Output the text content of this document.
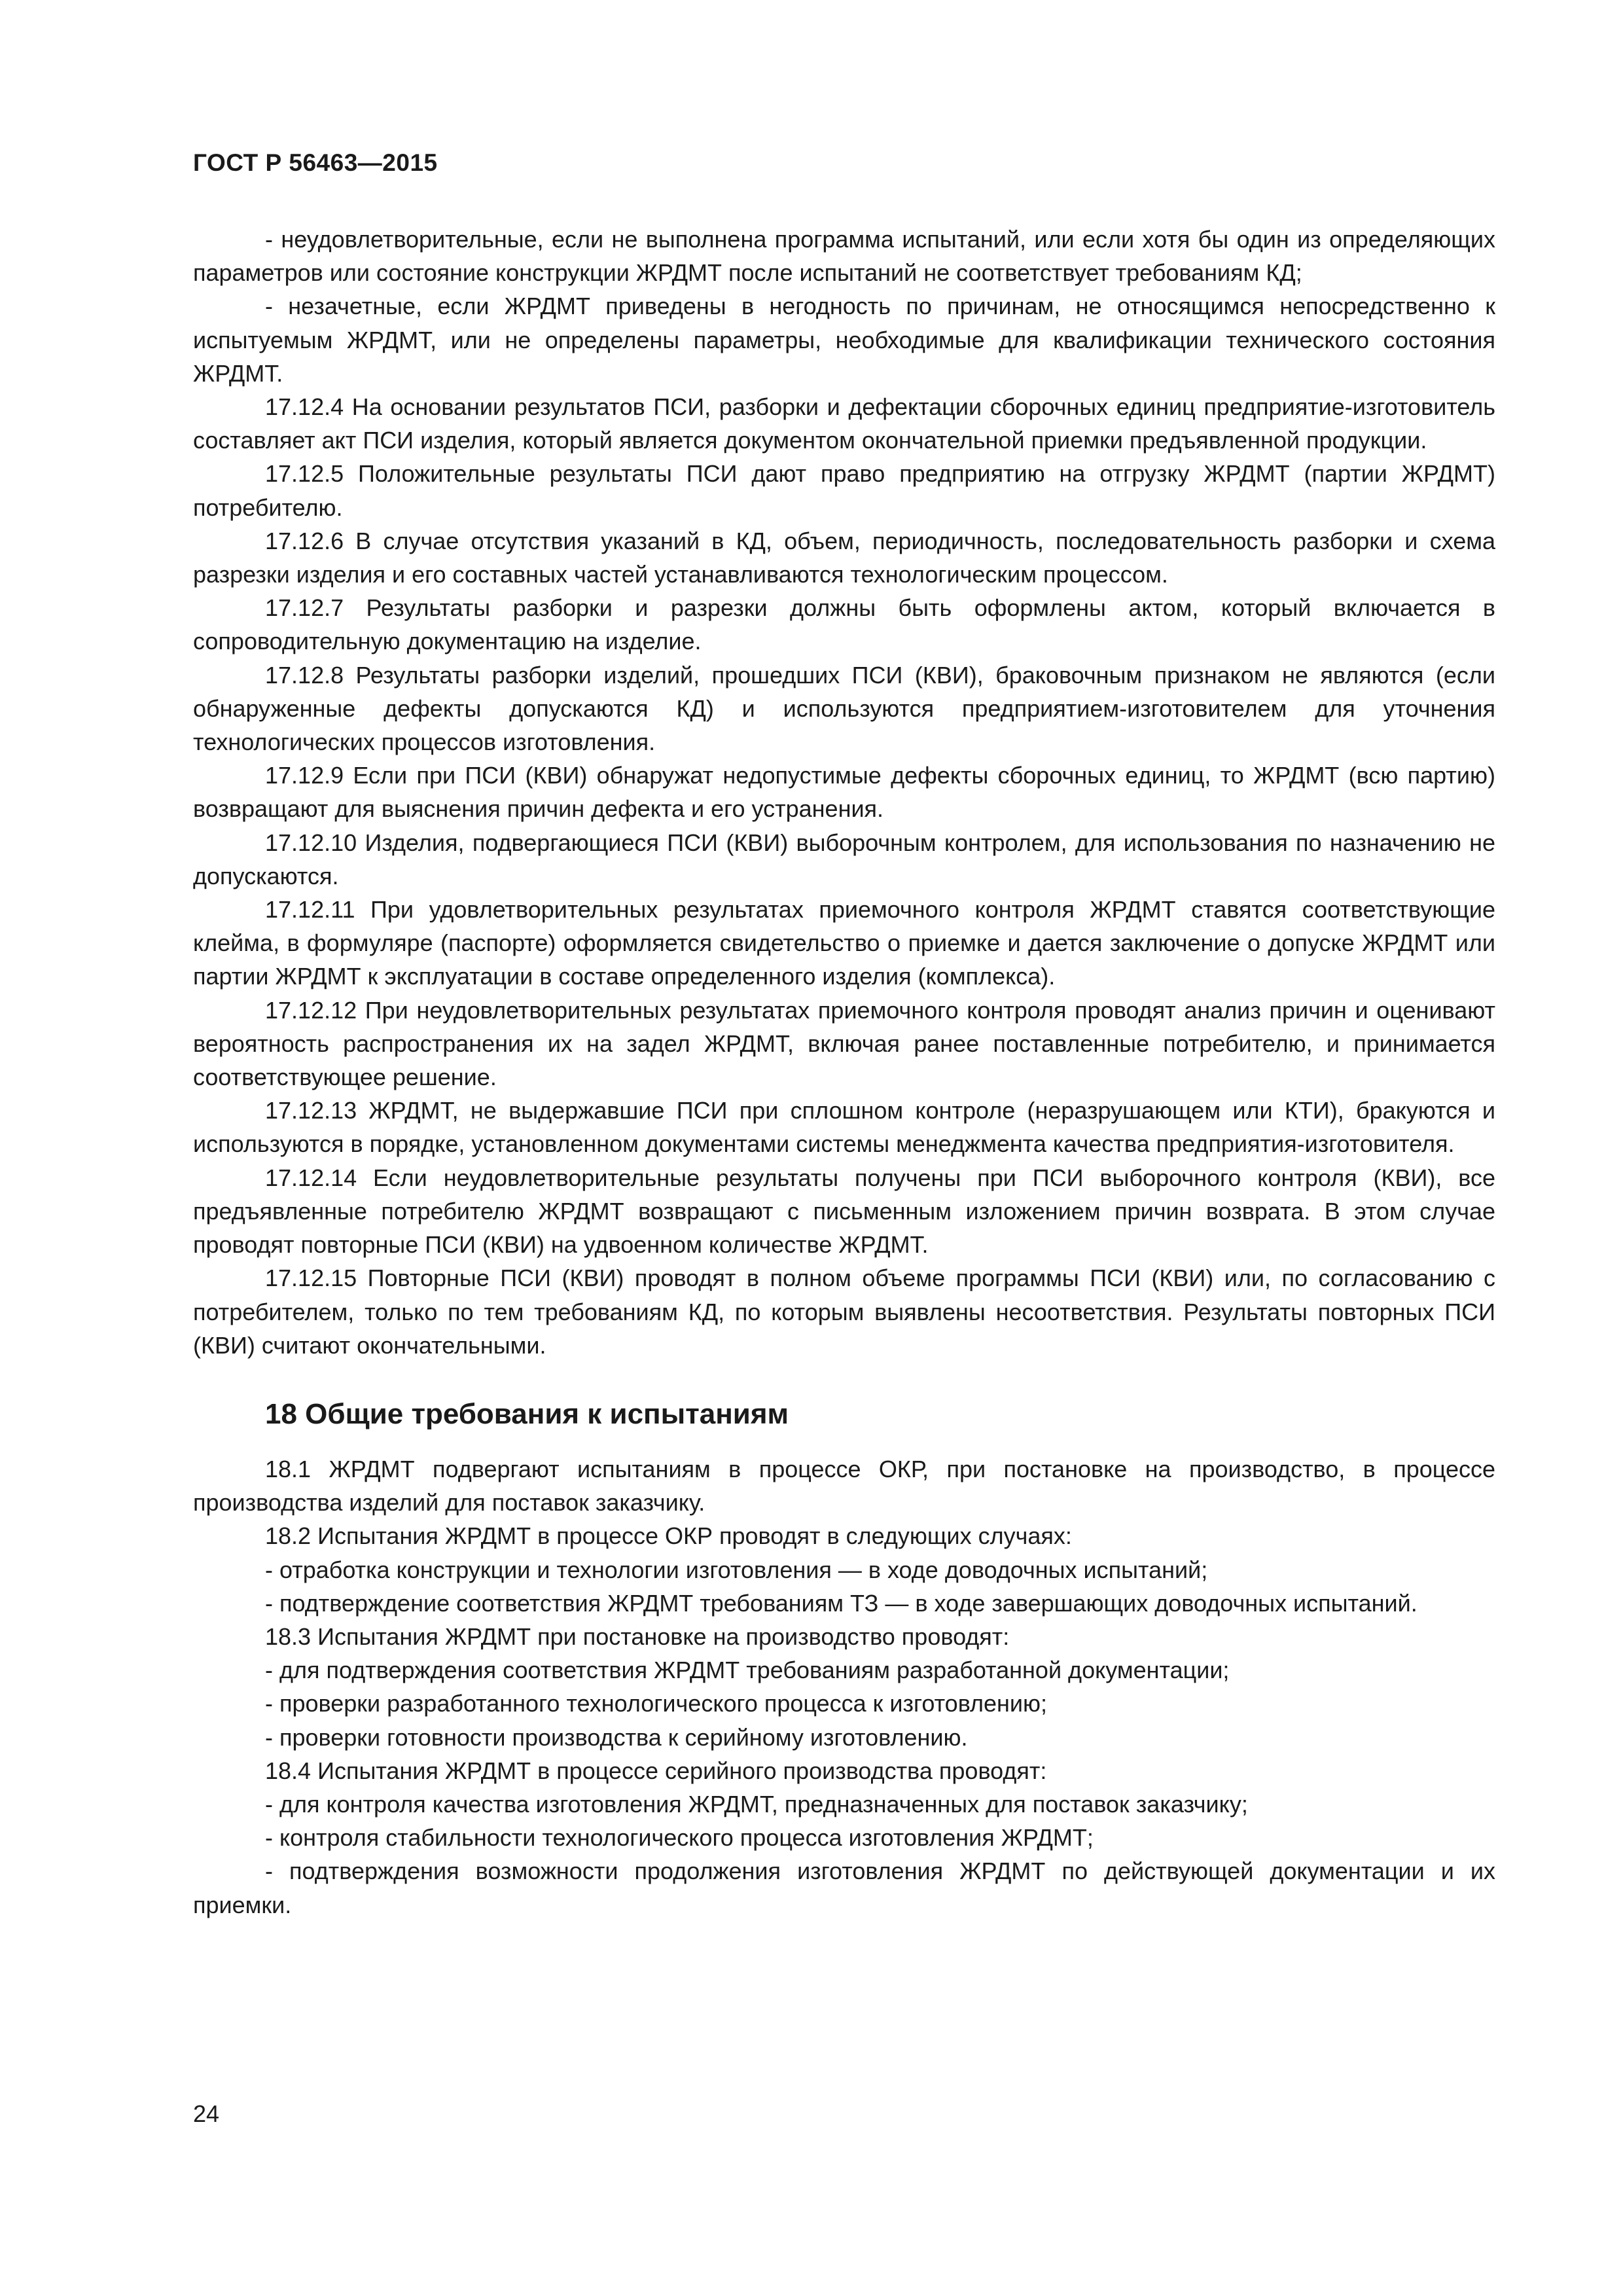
ГОСТ Р 56463—2015

- неудовлетворительные, если не выполнена программа испытаний, или если хотя бы один из определяющих параметров или состояние конструкции ЖРДМТ после испытаний не соответствует требованиям КД;

- незачетные, если ЖРДМТ приведены в негодность по причинам, не относящимся непосредственно к испытуемым ЖРДМТ, или не определены параметры, необходимые для квалификации технического состояния ЖРДМТ.

17.12.4 На основании результатов ПСИ, разборки и дефектации сборочных единиц предприятие-изготовитель составляет акт ПСИ изделия, который является документом окончательной приемки предъявленной продукции.

17.12.5 Положительные результаты ПСИ дают право предприятию на отгрузку ЖРДМТ (партии ЖРДМТ) потребителю.

17.12.6 В случае отсутствия указаний в КД, объем, периодичность, последовательность разборки и схема разрезки изделия и его составных частей устанавливаются технологическим процессом.

17.12.7 Результаты разборки и разрезки должны быть оформлены актом, который включается в сопроводительную документацию на изделие.

17.12.8 Результаты разборки изделий, прошедших ПСИ (КВИ), браковочным признаком не являются (если обнаруженные дефекты допускаются КД) и используются предприятием-изготовителем для уточнения технологических процессов изготовления.

17.12.9 Если при ПСИ (КВИ) обнаружат недопустимые дефекты сборочных единиц, то ЖРДМТ (всю партию) возвращают для выяснения причин дефекта и его устранения.

17.12.10 Изделия, подвергающиеся ПСИ (КВИ) выборочным контролем, для использования по назначению не допускаются.

17.12.11 При удовлетворительных результатах приемочного контроля ЖРДМТ ставятся соответствующие клейма, в формуляре (паспорте) оформляется свидетельство о приемке и дается заключение о допуске ЖРДМТ или партии ЖРДМТ к эксплуатации в составе определенного изделия (комплекса).

17.12.12 При неудовлетворительных результатах приемочного контроля проводят анализ причин и оценивают вероятность распространения их на задел ЖРДМТ, включая ранее поставленные потребителю, и принимается соответствующее решение.

17.12.13 ЖРДМТ, не выдержавшие ПСИ при сплошном контроле (неразрушающем или КТИ), бракуются и используются в порядке, установленном документами системы менеджмента качества предприятия-изготовителя.

17.12.14 Если неудовлетворительные результаты получены при ПСИ выборочного контроля (КВИ), все предъявленные потребителю ЖРДМТ возвращают с письменным изложением причин возврата. В этом случае проводят повторные ПСИ (КВИ) на удвоенном количестве ЖРДМТ.

17.12.15 Повторные ПСИ (КВИ) проводят в полном объеме программы ПСИ (КВИ) или, по согласованию с потребителем, только по тем требованиям КД, по которым выявлены несоответствия. Результаты повторных ПСИ (КВИ) считают окончательными.

18 Общие требования к испытаниям

18.1 ЖРДМТ подвергают испытаниям в процессе ОКР, при постановке на производство, в процессе производства изделий для поставок заказчику.

18.2 Испытания ЖРДМТ в процессе ОКР проводят в следующих случаях:

- отработка конструкции и технологии изготовления — в ходе доводочных испытаний;

- подтверждение соответствия ЖРДМТ требованиям ТЗ — в ходе завершающих доводочных испытаний.

18.3 Испытания ЖРДМТ при постановке на производство проводят:

- для подтверждения соответствия ЖРДМТ требованиям разработанной документации;

- проверки разработанного технологического процесса к изготовлению;

- проверки готовности производства к серийному изготовлению.

18.4 Испытания ЖРДМТ в процессе серийного производства проводят:

- для контроля качества изготовления ЖРДМТ, предназначенных для поставок заказчику;

- контроля стабильности технологического процесса изготовления ЖРДМТ;

- подтверждения возможности продолжения изготовления ЖРДМТ по действующей документации и их приемки.

24
